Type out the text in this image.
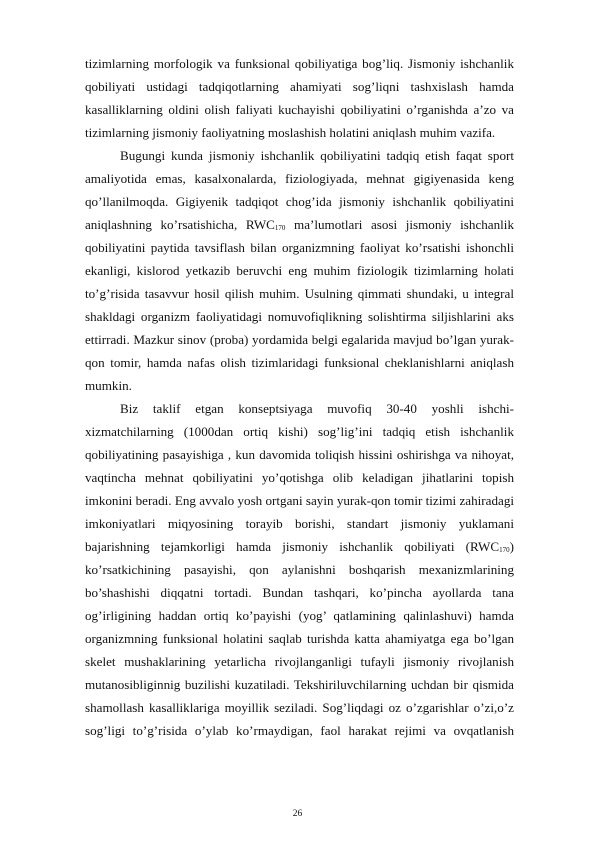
tizimlarning morfologik va funksional qobiliyatiga bog’liq. Jismoniy ishchanlik
qobiliyati ustidagi tadqiqotlarning ahamiyati sog’liqni tashxislash hamda
kasalliklarning oldini olish faliyati kuchayishi qobiliyatini o’rganishda a’zo va
tizimlarning jismoniy faoliyatning moslashish holatini aniqlash muhim vazifa.
Bugungi kunda jismoniy ishchanlik qobiliyatini tadqiq etish faqat sport
amaliyotida emas, kasalxonalarda, fiziologiyada, mehnat gigiyenasida keng
qo’llanilmoqda. Gigiyenik tadqiqot chog’ida jismoniy ishchanlik qobiliyatini
aniqlashning ko’rsatishicha, $RWC_{170}$ ma’lumotlari asosi jismoniy ishchanlik
qobiliyatini paytida tavsiflash bilan organizmning faoliyat ko’rsatishi ishonchli
ekanligi, kislorod yetkazib beruvchi eng muhim fiziologik tizimlarning holati
to’g’risida tasavvur hosil qilish muhim. Usulning qimmati shundaki, u integral
shakldagi organizm faoliyatidagi nomuvofiqlikning solishtirma siljishlarini aks
ettirradi. Mazkur sinov (proba) yordamida belgi egalarida mavjud bo’lgan yurak-
qon tomir, hamda nafas olish tizimlaridagi funksional cheklanishlarni aniqlash
mumkin.
Biz taklif etgan konseptsiyaga muvofiq 30-40 yoshli ishchi-
xizmatchilarning (1000dan ortiq kishi) sog’lig’ini tadqiq etish ishchanlik
qobiliyatining pasayishiga , kun davomida toliqish hissini oshirishga va nihoyat,
vaqtincha mehnat qobiliyatini yo’qotishga olib keladigan jihatlarini topish
imkonini beradi. Eng avvalo yosh ortgani sayin yurak-qon tomir tizimi zahiradagi
imkoniyatlari miqyosining torayib borishi, standart jismoniy yuklamani
bajarishning tejamkorligi hamda jismoniy ishchanlik qobiliyati $(RWC_{170})$
ko’rsatkichining pasayishi, qon aylanishni boshqarish mexanizmlarining
bo’shashishi diqqatni tortadi. Bundan tashqari, ko’pincha ayollarda tana
og’irligining haddan ortiq ko’payishi (yog’ qatlamining qalinlashuvi) hamda
organizmning funksional holatini saqlab turishda katta ahamiyatga ega bo’lgan
skelet mushaklarining yetarlicha rivojlanganligi tufayli jismoniy rivojlanish
mutanosibliginnig buzilishi kuzatiladi. Tekshiriluvchilarning uchdan bir qismida
shamollash kasalliklariga moyillik seziladi. Sog’liqdagi oz o’zgarishlar o’zi,o’z
sog’ligi to’g’risida o’ylab ko’rmaydigan, faol harakat rejimi va ovqatlanish
26
